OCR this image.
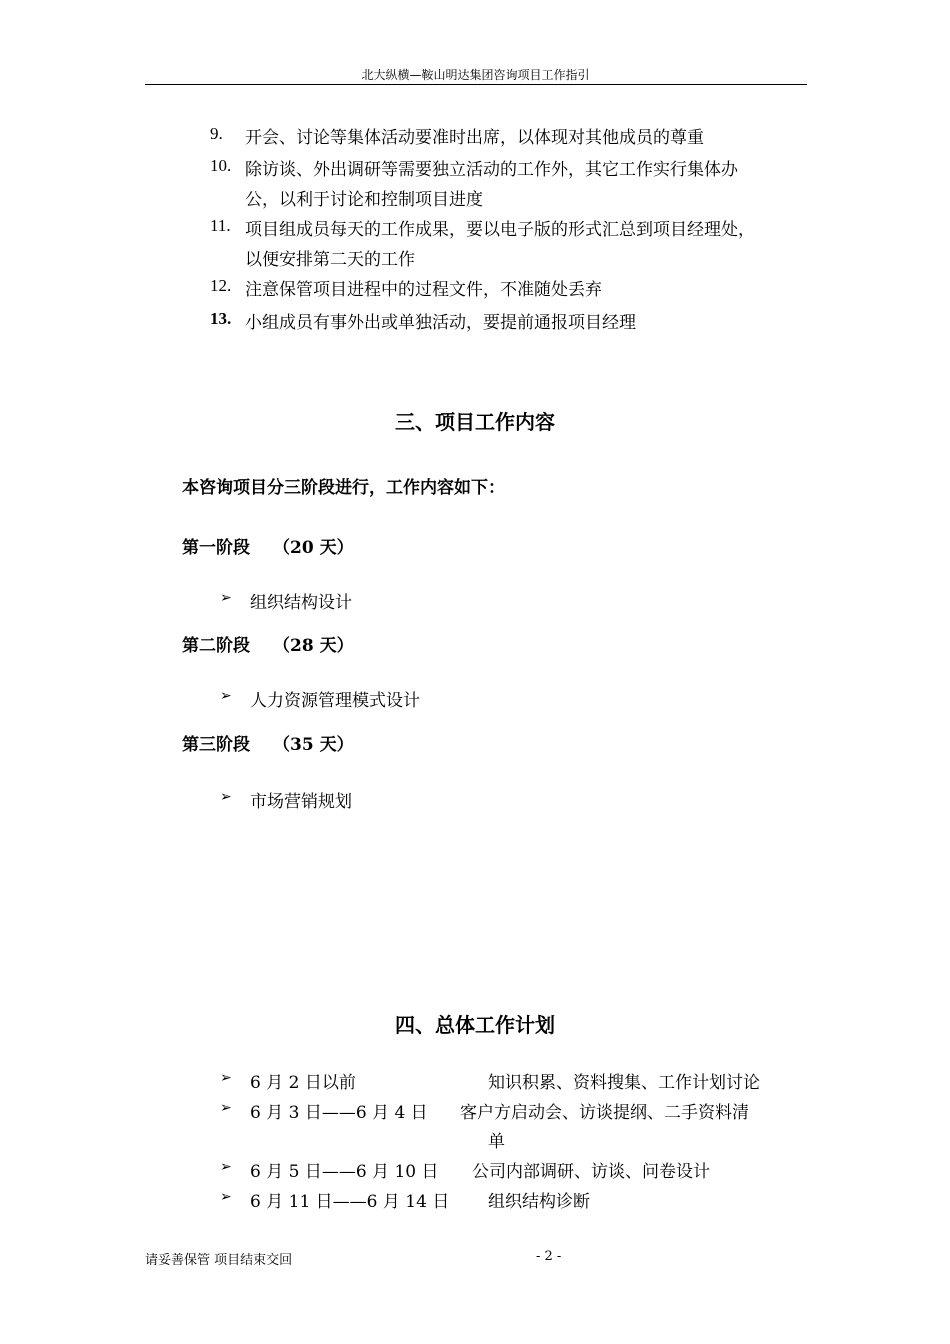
北大纵横—鞍山明达集团咨询项目工作指引
9. 开会、讨论等集体活动要准时出席，以体现对其他成员的尊重
10. 除访谈、外出调研等需要独立活动的工作外，其它工作实行集体办
公，以利于讨论和控制项目进度
11. 项目组成员每天的工作成果，要以电子版的形式汇总到项目经理处，
以便安排第二天的工作
12. 注意保管项目进程中的过程文件，不准随处丢弃
13. 小组成员有事外出或单独活动，要提前通报项目经理
三、项目工作内容
本咨询项目分三阶段进行，工作内容如下：
第一阶段 （20 天）
➢ 组织结构设计
第二阶段 （28 天）
➢ 人力资源管理模式设计
第三阶段 （35 天）
➢ 市场营销规划
四、总体工作计划
➢ 6 月 2 日以前	知识积累、资料搜集、工作计划讨论
➢ 6 月 3 日——6 月 4 日 客户方启动会、访谈提纲、二手资料清
单
➢ 6 月 5 日——6 月 10 日 公司内部调研、访谈、问卷设计
➢ 6 月 11 日——6 月 14 日 组织结构诊断
请妥善保管 项目结束交回	- 2 -
